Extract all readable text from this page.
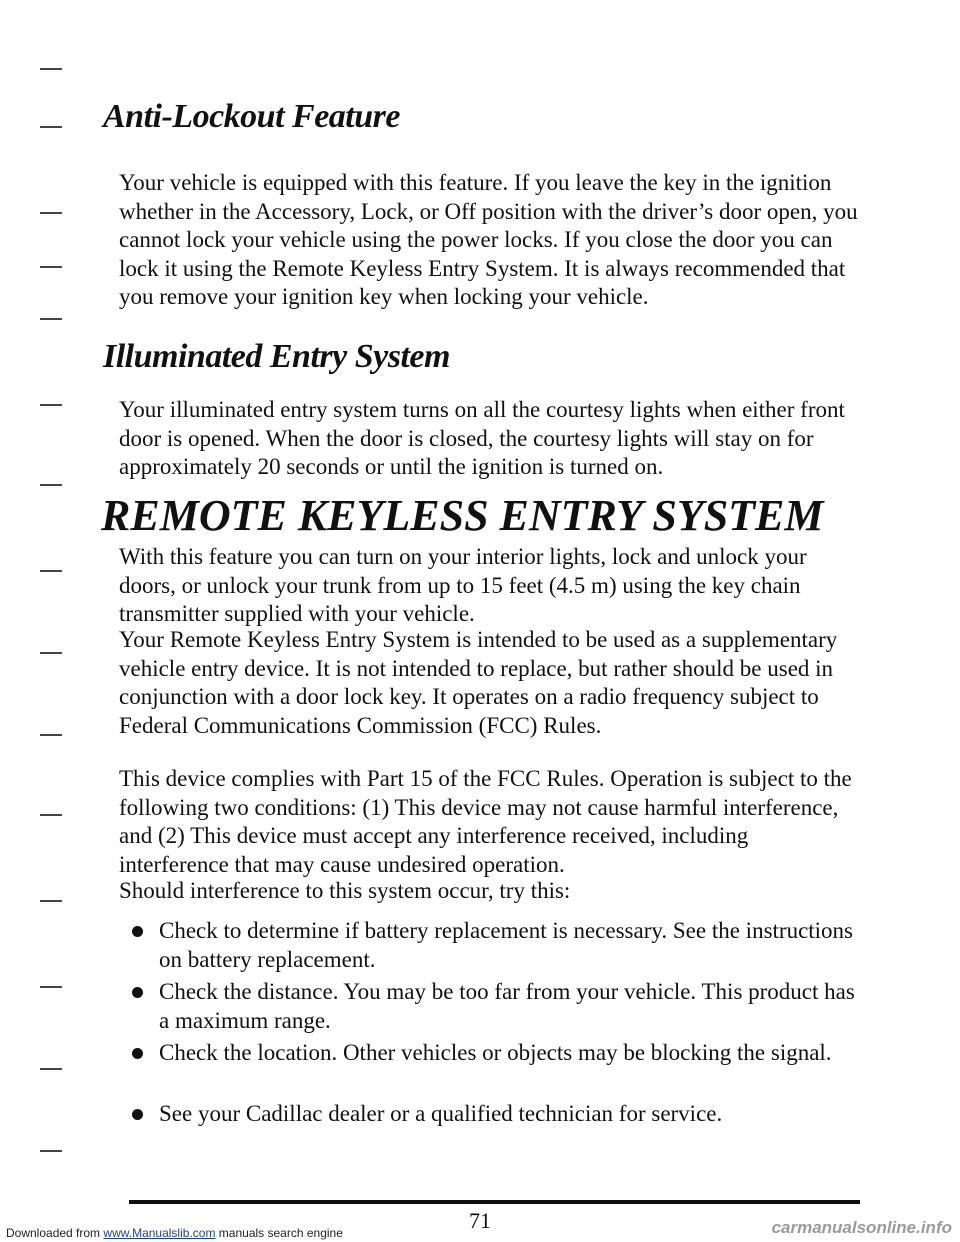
Anti-Lockout Feature

Your vehicle is equipped with this feature. If you leave the key in the ignition whether in the Accessory, Lock, or Off position with the driver’s door open, you cannot lock your vehicle using the power locks. If you close the door you can lock it using the Remote Keyless Entry System. It is always recommended that you remove your ignition key when locking your vehicle.

Illuminated Entry System

Your illuminated entry system turns on all the courtesy lights when either front door is opened. When the door is closed, the courtesy lights will stay on for approximately 20 seconds or until the ignition is turned on.

REMOTE KEYLESS ENTRY SYSTEM

With this feature you can turn on your interior lights, lock and unlock your doors, or unlock your trunk from up to 15 feet (4.5 m) using the key chain transmitter supplied with your vehicle.

Your Remote Keyless Entry System is intended to be used as a supplementary vehicle entry device. It is not intended to replace, but rather should be used in conjunction with a door lock key. It operates on a radio frequency subject to Federal Communications Commission (FCC) Rules.

This device complies with Part 15 of the FCC Rules. Operation is subject to the following two conditions: (1) This device may not cause harmful interference, and (2) This device must accept any interference received, including interference that may cause undesired operation.

Should interference to this system occur, try this:

Check to determine if battery replacement is necessary. See the instructions on battery replacement.
Check the distance. You may be too far from your vehicle. This product has a maximum range.
Check the location. Other vehicles or objects may be blocking the signal.
See your Cadillac dealer or a qualified technician for service.
71
Downloaded from www.Manualslib.com manuals search engine	carmanualsonline.info
